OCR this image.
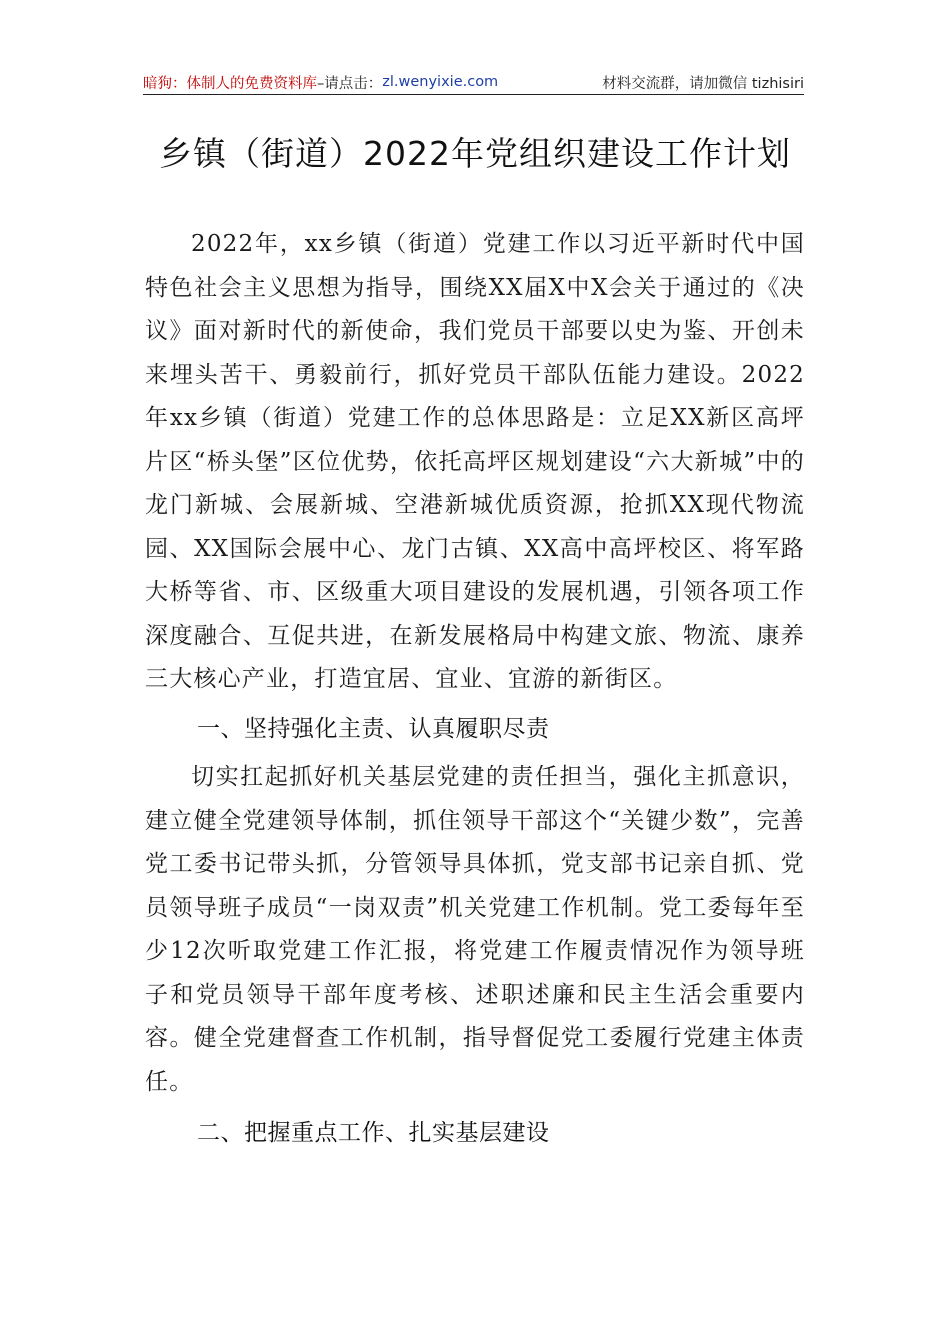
暗狗：体制人的免费资料库 –请点击： zl.wenyixie.com	材料交流群，请加微信 tizhisiri
乡镇（街道）2022年党组织建设工作计划

2022年，xx乡镇（街道）党建工作以习近平新时代中国特色社会主义思想为指导，围绕XX届X中X会关于通过的《决议》面对新时代的新使命，我们党员干部要以史为鉴、开创未来埋头苦干、勇毅前行，抓好党员干部队伍能力建设。2022年xx乡镇（街道）党建工作的总体思路是：立足XX新区高坪片区“桥头堡”区位优势，依托高坪区规划建设“六大新城”中的龙门新城、会展新城、空港新城优质资源，抢抓XX现代物流园、XX国际会展中心、龙门古镇、XX高中高坪校区、将军路大桥等省、市、区级重大项目建设的发展机遇，引领各项工作深度融合、互促共进，在新发展格局中构建文旅、物流、康养三大核心产业，打造宜居、宜业、宜游的新街区。

一、坚持强化主责、认真履职尽责

切实扛起抓好机关基层党建的责任担当，强化主抓意识，建立健全党建领导体制，抓住领导干部这个“关键少数”，完善党工委书记带头抓，分管领导具体抓，党支部书记亲自抓、党员领导班子成员“一岗双责”机关党建工作机制。党工委每年至少12次听取党建工作汇报，将党建工作履责情况作为领导班子和党员领导干部年度考核、述职述廉和民主生活会重要内容。健全党建督查工作机制，指导督促党工委履行党建主体责任。

二、把握重点工作、扎实基层建设
